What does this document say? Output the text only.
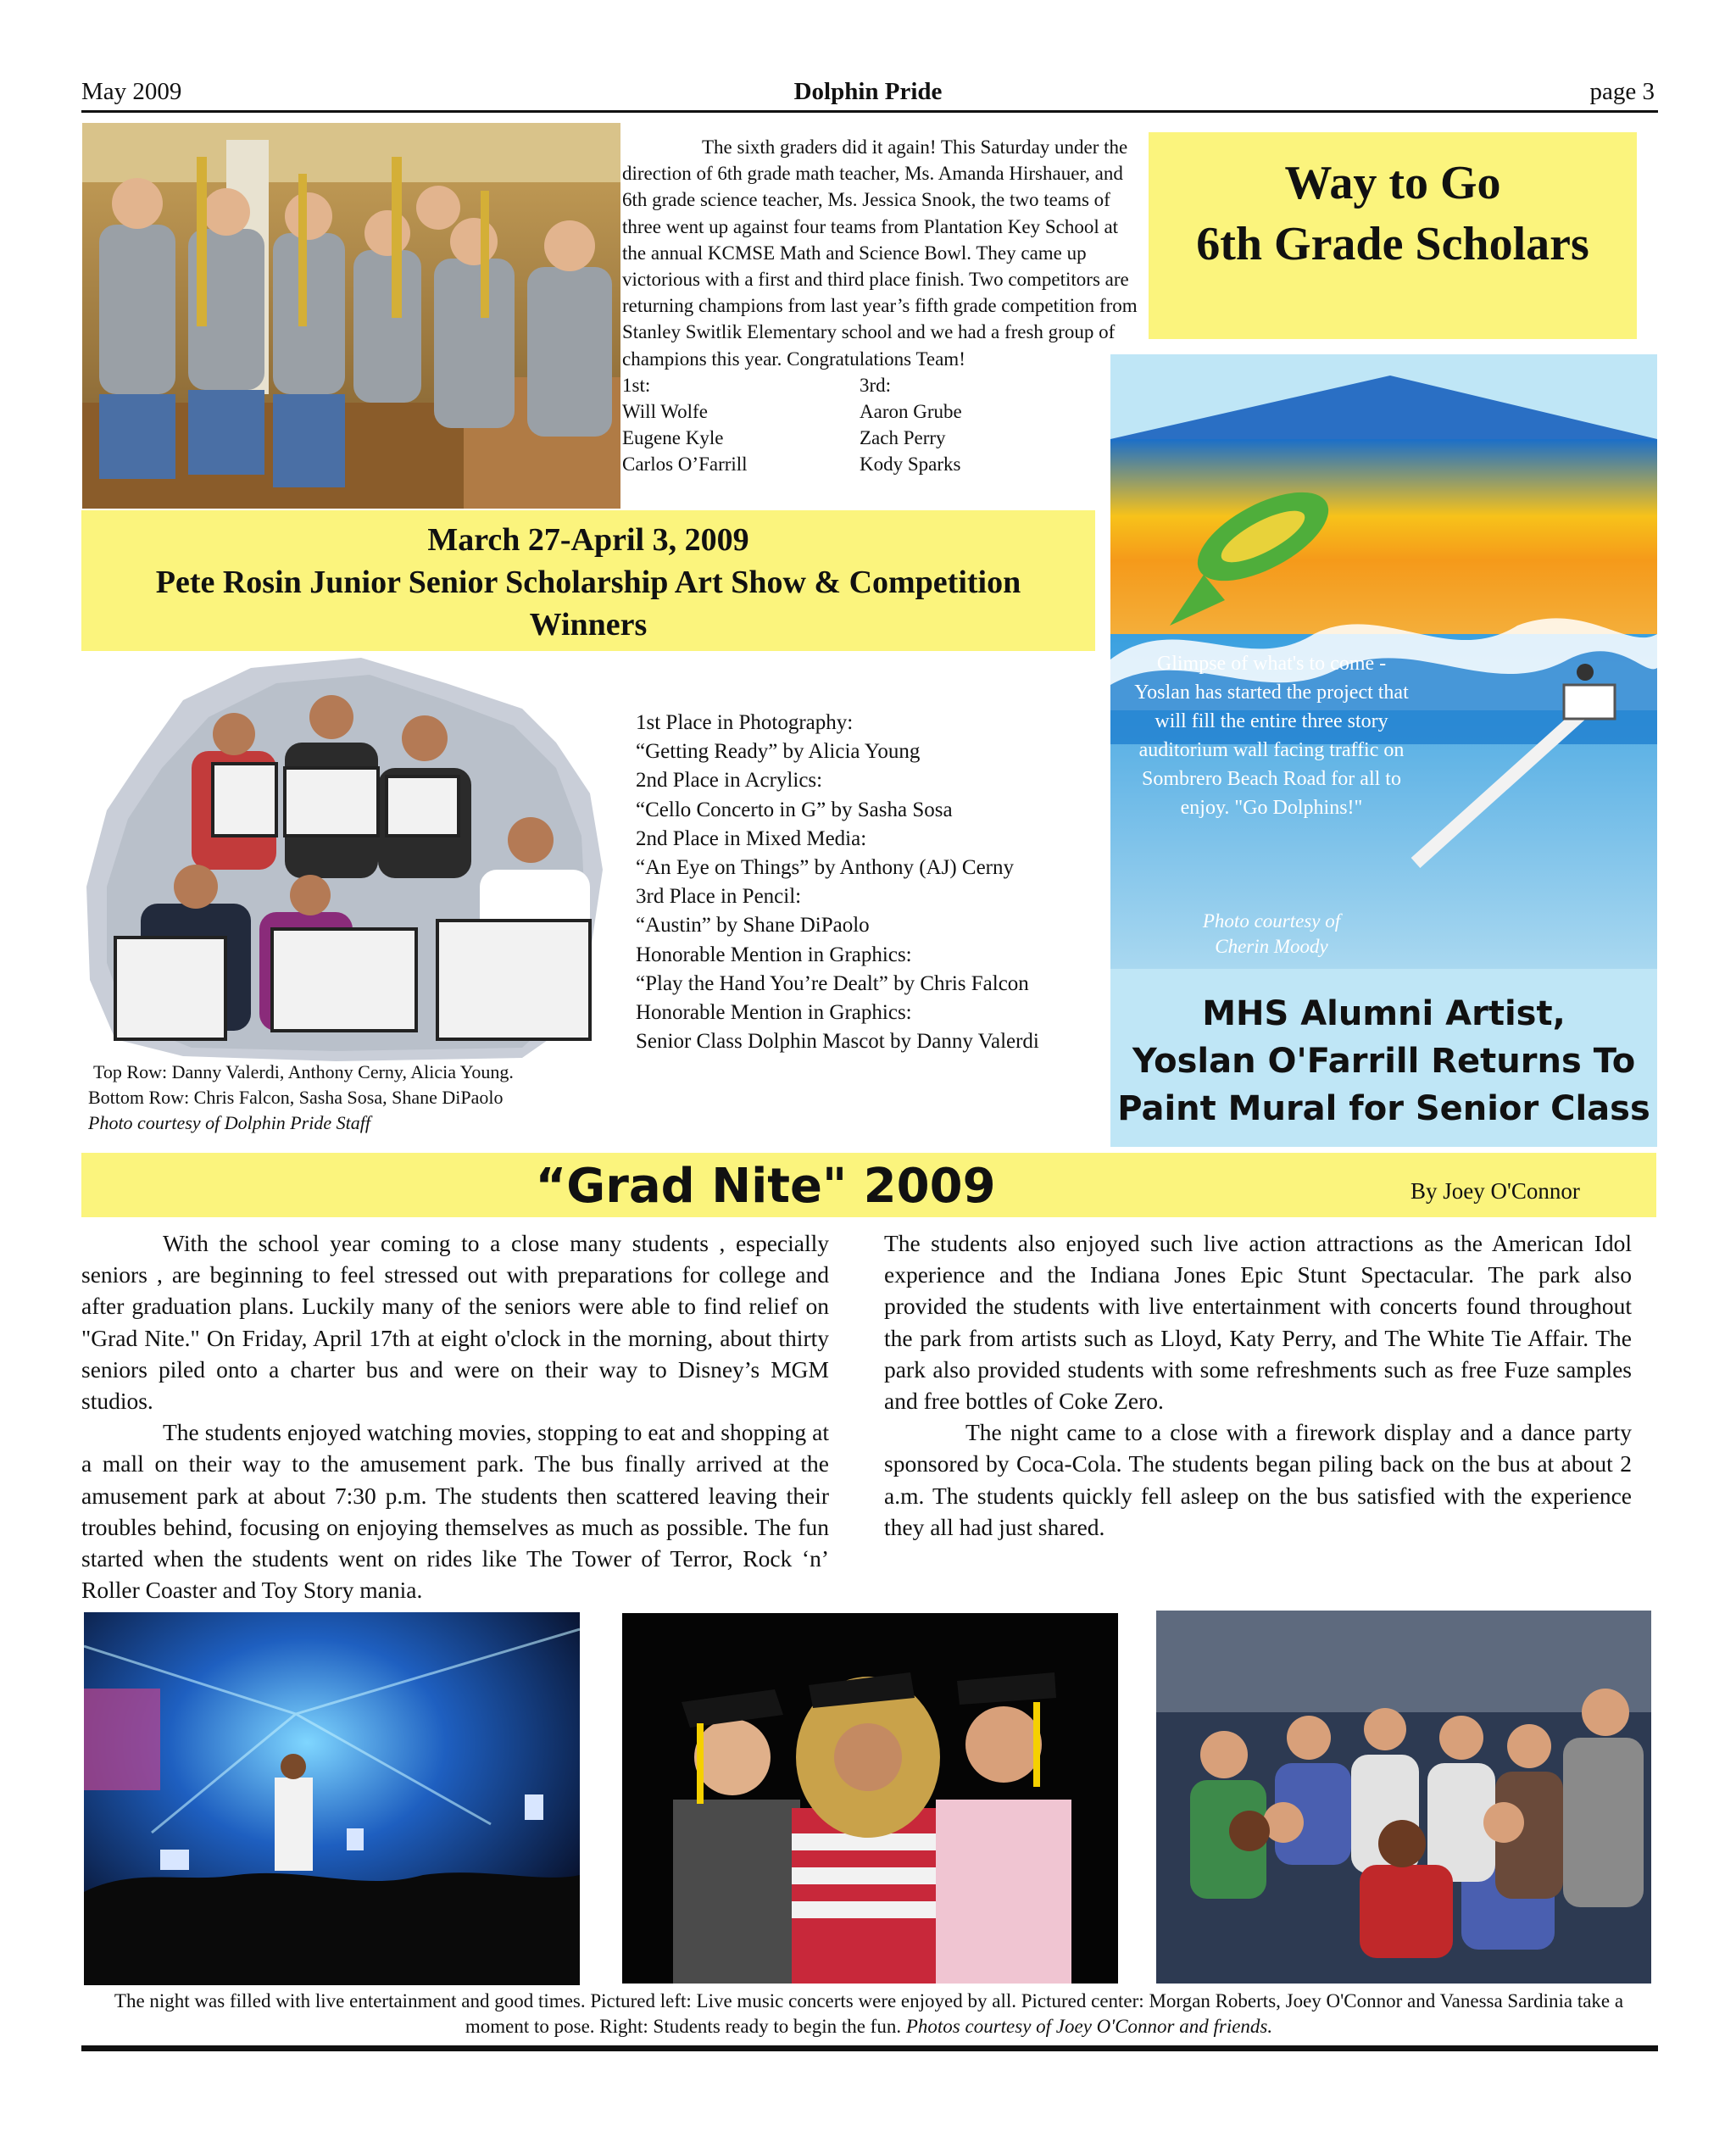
May 2009	Dolphin Pride	page 3

The sixth graders did it again! This Saturday under the direction of 6th grade math teacher, Ms. Amanda Hirshauer, and 6th grade science teacher, Ms. Jessica Snook, the two teams of three went up against four teams from Plantation Key School at the annual KCMSE Math and Science Bowl. They came up victorious with a first and third place finish. Two competitors are returning champions from last year’s fifth grade competition from Stanley Switlik Elementary school and we had a fresh group of champions this year. Congratulations Team!

1st:	3rd:
Will Wolfe	Aaron Grube
Eugene Kyle	Zach Perry
Carlos O’Farrill	Kody Sparks
Way to Go
6th Grade Scholars
Glimpse of what's to come - Yoslan has started the project that will fill the entire three story auditorium wall facing traffic on Sombrero Beach Road for all to enjoy. "Go Dolphins!"
Photo courtesy of
Cherin Moody
MHS Alumni Artist,
Yoslan O'Farrill Returns To
Paint Mural for Senior Class
March 27-April 3, 2009
Pete Rosin Junior Senior Scholarship Art Show & Competition
Winners
1st Place in Photography:
“Getting Ready” by Alicia Young
2nd Place in Acrylics:
“Cello Concerto in G” by Sasha Sosa
2nd Place in Mixed Media:
“An Eye on Things” by Anthony (AJ) Cerny
3rd Place in Pencil:
“Austin” by Shane DiPaolo
Honorable Mention in Graphics:
“Play the Hand You’re Dealt” by Chris Falcon
Honorable Mention in Graphics:
Senior Class Dolphin Mascot by Danny Valerdi
Top Row: Danny Valerdi, Anthony Cerny, Alicia Young.
Bottom Row: Chris Falcon, Sasha Sosa, Shane DiPaolo
Photo courtesy of Dolphin Pride Staff
“Grad Nite" 2009	By Joey O'Connor

With the school year coming to a close many students , especially seniors , are beginning to feel stressed out with preparations for college and after graduation plans. Luckily many of the seniors were able to find relief on "Grad Nite." On Friday, April 17th at eight o'clock in the morning, about thirty seniors piled onto a charter bus and were on their way to Disney’s MGM studios.

The students enjoyed watching movies, stopping to eat and shopping at a mall on their way to the amusement park. The bus finally arrived at the amusement park at about 7:30 p.m. The students then scattered leaving their troubles behind, focusing on enjoying themselves as much as possible. The fun started when the students went on rides like The Tower of Terror, Rock ‘n’ Roller Coaster and Toy Story mania.

The students also enjoyed such live action attractions as the American Idol experience and the Indiana Jones Epic Stunt Spectacular. The park also provided the students with live entertainment with concerts found throughout the park from artists such as Lloyd, Katy Perry, and The White Tie Affair. The park also provided students with some refreshments such as free Fuze samples and free bottles of Coke Zero.

The night came to a close with a firework display and a dance party sponsored by Coca-Cola. The students began piling back on the bus at about 2 a.m. The students quickly fell asleep on the bus satisfied with the experience they all had just shared.

The night was filled with live entertainment and good times. Pictured left: Live music concerts were enjoyed by all. Pictured center: Morgan Roberts, Joey O'Connor and Vanessa Sardinia take a moment to pose. Right: Students ready to begin the fun. Photos courtesy of Joey O'Connor and friends.
